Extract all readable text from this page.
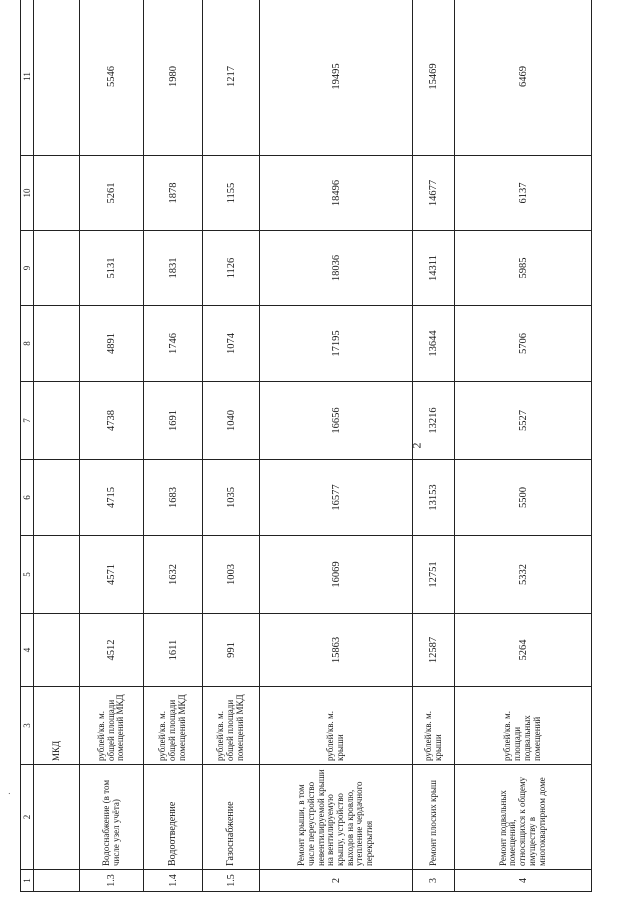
2
.
1	2	3	4	5	6	7	8	9	10	11
		МКД								
1.3	Водоснабжение (в том числе узел учёта)	рублей/кв. м. общей площади помещений МКД	4512	4571	4715	4738	4891	5131	5261	5546
1.4	Водоотведение	рублей/кв. м. общей площади помещений МКД	1611	1632	1683	1691	1746	1831	1878	1980
1.5	Газоснабжение	рублей/кв. м. общей площади помещений МКД	991	1003	1035	1040	1074	1126	1155	1217
2	Ремонт крыши, в том числе переустройство невентилируемой крыши на вентилируемую крышу, устройство выходов на кровлю, утепление чердачного перекрытия	рублей/кв. м. крыши	15863	16069	16577	16656	17195	18036	18496	19495
3	Ремонт плоских крыш	рублей/кв. м. крыши	12587	12751	13153	13216	13644	14311	14677	15469
4	Ремонт подвальных помещений, относящихся к общему имуществу в многоквартирном доме	рублей/кв. м. площади подвальных помещений	5264	5332	5500	5527	5706	5985	6137	6469
